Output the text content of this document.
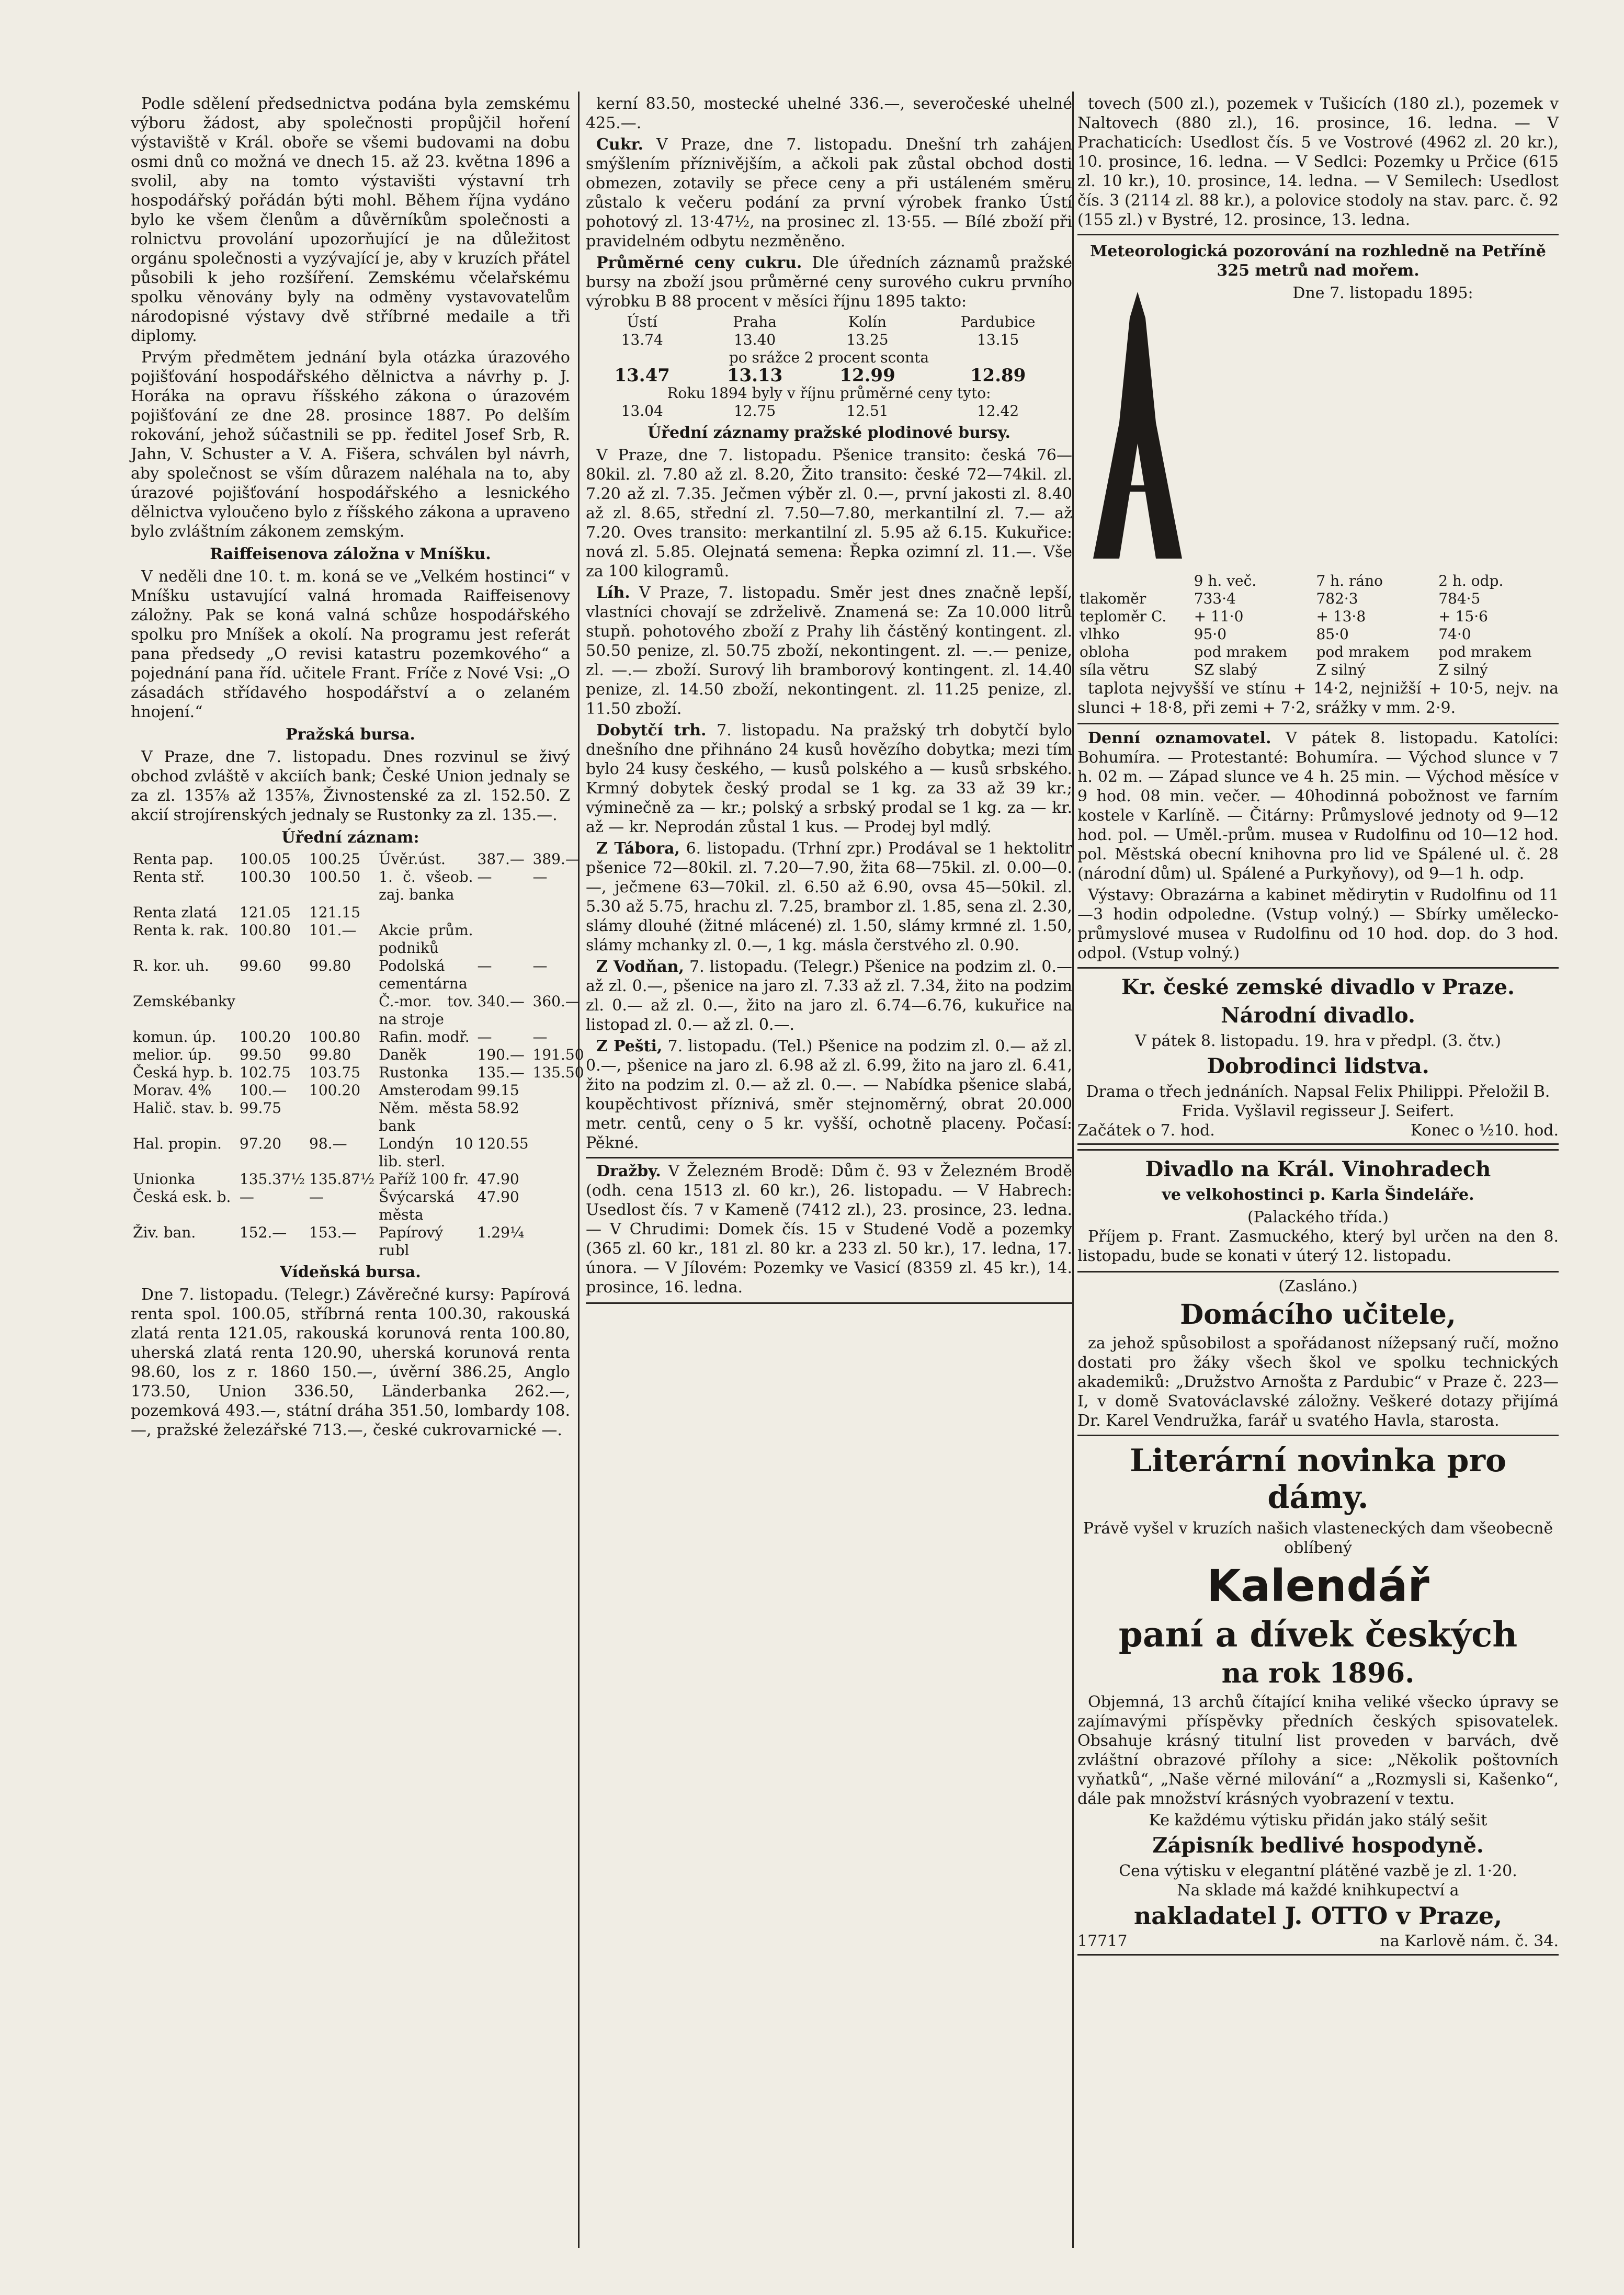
Podle sdělení předsednictva podána byla zemskému výboru žádost, aby společnosti propůjčil hoření výstaviště v Král. oboře se všemi budovami na dobu osmi dnů co možná ve dnech 15. až 23. května 1896 a svolil, aby na tomto výstavišti výstavní trh hospodářský pořádán býti mohl. Během října vydáno bylo ke všem členům a důvěrníkům společnosti a rolnictvu provolání upozorňující je na důležitost orgánu společnosti a vyzývající je, aby v kruzích přátel působili k jeho rozšíření. Zemskému včelařskému spolku věnovány byly na odměny vystavovatelům národopisné výstavy dvě stříbrné medaile a tři diplomy.

Prvým předmětem jednání byla otázka úrazového pojišťování hospodářského dělnictva a návrhy p. J. Horáka na opravu říšského zákona o úrazovém pojišťování ze dne 28. prosince 1887. Po delším rokování, jehož súčastnili se pp. ředitel Josef Srb, R. Jahn, V. Schuster a V. A. Fišera, schválen byl návrh, aby společnost se vším důrazem naléhala na to, aby úrazové pojišťování hospodářského a lesnického dělnictva vyloučeno bylo z říšského zákona a upraveno bylo zvláštním zákonem zemským.

Raiffeisenova záložna v Mníšku.

V neděli dne 10. t. m. koná se ve „Velkém hostinci“ v Mníšku ustavující valná hromada Raiffeisenovy záložny. Pak se koná valná schůze hospodářského spolku pro Mníšek a okolí. Na programu jest referát pana předsedy „O revisi katastru pozemkového“ a pojednání pana říd. učitele Frant. Fríče z Nové Vsi: „O zásadách střídavého hospodářství a o zelaném hnojení.“

Pražská bursa.

V Praze, dne 7. listopadu. Dnes rozvinul se živý obchod zvláště v akciích bank; České Union jednaly se za zl. 135⅞ až 135⅞, Živnostenské za zl. 152.50. Z akcií strojírenských jednaly se Rustonky za zl. 135.—.

Úřední záznam:
Renta pap.	100.05	100.25	Úvěr.úst.	387.—	389.—
Renta stř.	100.30	100.50	1. č. všeob. zaj. banka	—	—
Renta zlatá	121.05	121.15			
Renta k. rak.	100.80	101.—	Akcie prům. podniků		
R. kor. uh.	99.60	99.80	Podolská cementárna	—	—
Zemskébanky			Č.-mor. tov. na stroje	340.—	360.—
komun. úp.	100.20	100.80	Rafin. modř.	—	—
melior. úp.	99.50	99.80	Daněk	190.—	191.50
Česká hyp. b.	102.75	103.75	Rustonka	135.—	135.50
Morav. 4%	100.—	100.20	Amsterodam	99.15	
Halič. stav. b.	99.75		Něm. města bank	58.92	
Hal. propin.	97.20	98.—	Londýn 10 lib. sterl.	120.55	
Unionka	135.37½	135.87½	Paříž 100 fr.	47.90	
Česká esk. b.	—	—	Švýcarská města	47.90	
Živ. ban.	152.—	153.—	Papírový rubl	1.29¼	
Vídeňská bursa.

Dne 7. listopadu. (Telegr.) Závěrečné kursy: Papírová renta spol. 100.05, stříbrná renta 100.30, rakouská zlatá renta 121.05, rakouská korunová renta 100.80, uherská zlatá renta 120.90, uherská korunová renta 98.60, los z r. 1860 150.—, úvěrní 386.25, Anglo 173.50, Union 336.50, Länderbanka 262.—, pozemková 493.—, státní dráha 351.50, lombardy 108.—, pražské železářské 713.—, české cukrovarnické —.

kerní 83.50, mostecké uhelné 336.—, severočeské uhelné 425.—.

Cukr. V Praze, dne 7. listopadu. Dnešní trh zahájen smýšlením příznivějším, a ačkoli pak zůstal obchod dosti obmezen, zotavily se přece ceny a při ustáleném směru zůstalo k večeru podání za první výrobek franko Ústí pohotový zl. 13·47½, na prosinec zl. 13·55. — Bílé zboží při pravidelném odbytu nezměněno.

Průměrné ceny cukru. Dle úředních záznamů pražské bursy na zboží jsou průměrné ceny surového cukru prvního výrobku B 88 procent v měsíci říjnu 1895 takto:

Ústí	Praha	Kolín	Pardubice
13.74	13.40	13.25	13.15
po srážce 2 procent sconta			
13.47	13.13	12.99	12.89
Roku 1894 byly v říjnu průměrné ceny tyto:			
13.04	12.75	12.51	12.42
Úřední záznamy pražské plodinové bursy.

V Praze, dne 7. listopadu. Pšenice transito: česká 76—80kil. zl. 7.80 až zl. 8.20, Žito transito: české 72—74kil. zl. 7.20 až zl. 7.35. Ječmen výběr zl. 0.—, první jakosti zl. 8.40 až zl. 8.65, střední zl. 7.50—7.80, merkantilní zl. 7.— až 7.20. Oves transito: merkantilní zl. 5.95 až 6.15. Kukuřice: nová zl. 5.85. Olejnatá semena: Řepka ozimní zl. 11.—. Vše za 100 kilogramů.

Líh. V Praze, 7. listopadu. Směr jest dnes značně lepší, vlastníci chovají se zdrželivě. Znamená se: Za 10.000 litrů stupň. pohotového zboží z Prahy lih částěný kontingent. zl. 50.50 penize, zl. 50.75 zboží, nekontingent. zl. —.— penize, zl. —.— zboží. Surový lih bramborový kontingent. zl. 14.40 penize, zl. 14.50 zboží, nekontingent. zl. 11.25 penize, zl. 11.50 zboží.

Dobytčí trh. 7. listopadu. Na pražský trh dobytčí bylo dnešního dne přihnáno 24 kusů hovězího dobytka; mezi tím bylo 24 kusy českého, — kusů polského a — kusů srbského. Krmný dobytek český prodal se 1 kg. za 33 až 39 kr.; výminečně za — kr.; polský a srbský prodal se 1 kg. za — kr. až — kr. Neprodán zůstal 1 kus. — Prodej byl mdlý.

Z Tábora, 6. listopadu. (Trhní zpr.) Prodával se 1 hektolitr pšenice 72—80kil. zl. 7.20—7.90, žita 68—75kil. zl. 0.00—0.—, ječmene 63—70kil. zl. 6.50 až 6.90, ovsa 45—50kil. zl. 5.30 až 5.75, hrachu zl. 7.25, brambor zl. 1.85, sena zl. 2.30, slámy dlouhé (žitné mlácené) zl. 1.50, slámy krmné zl. 1.50, slámy mchanky zl. 0.—, 1 kg. másla čerstvého zl. 0.90.

Z Vodňan, 7. listopadu. (Telegr.) Pšenice na podzim zl. 0.— až zl. 0.—, pšenice na jaro zl. 7.33 až zl. 7.34, žito na podzim zl. 0.— až zl. 0.—, žito na jaro zl. 6.74—6.76, kukuřice na listopad zl. 0.— až zl. 0.—.

Z Pešti, 7. listopadu. (Tel.) Pšenice na podzim zl. 0.— až zl. 0.—, pšenice na jaro zl. 6.98 až zl. 6.99, žito na jaro zl. 6.41, žito na podzim zl. 0.— až zl. 0.—. — Nabídka pšenice slabá, koupěchtivost příznivá, směr stejnoměrný, obrat 20.000 metr. centů, ceny o 5 kr. vyšší, ochotně placeny. Počasí: Pěkné.

Dražby. V Železném Brodě: Dům č. 93 v Železném Brodě (odh. cena 1513 zl. 60 kr.), 26. listopadu. — V Habrech: Usedlost čís. 7 v Kameně (7412 zl.), 23. prosince, 23. ledna. — V Chrudimi: Domek čís. 15 v Studené Vodě a pozemky (365 zl. 60 kr., 181 zl. 80 kr. a 233 zl. 50 kr.), 17. ledna, 17. února. — V Jílovém: Pozemky ve Vasicí (8359 zl. 45 kr.), 14. prosince, 16. ledna.

tovech (500 zl.), pozemek v Tušicích (180 zl.), pozemek v Naltovech (880 zl.), 16. prosince, 16. ledna. — V Prachaticích: Usedlost čís. 5 ve Vostrové (4962 zl. 20 kr.), 10. prosince, 16. ledna. — V Sedlci: Pozemky u Prčice (615 zl. 10 kr.), 10. prosince, 14. ledna. — V Semilech: Usedlost čís. 3 (2114 zl. 88 kr.), a polovice stodoly na stav. parc. č. 92 (155 zl.) v Bystré, 12. prosince, 13. ledna.

Meteorologická pozorování na rozhledně na Petříně 325 metrů nad mořem.
Dne 7. listopadu 1895:
	9 h. več.	7 h. ráno	2 h. odp.
tlakoměr	733·4	782·3	784·5
teploměr C.	+ 11·0	+ 13·8	+ 15·6
vlhko	95·0	85·0	74·0
obloha	pod mrakem	pod mrakem	pod mrakem
síla větru	SZ slabý	Z silný	Z silný

taplota nejvyšší ve stínu + 14·2, nejnižší + 10·5, nejv. na slunci + 18·8, při zemi + 7·2, srážky v mm. 2·9.

Denní oznamovatel. V pátek 8. listopadu. Katolíci: Bohumíra. — Protestanté: Bohumíra. — Východ slunce v 7 h. 02 m. — Západ slunce ve 4 h. 25 min. — Východ měsíce v 9 hod. 08 min. večer. — 40hodinná pobožnost ve farním kostele v Karlíně. — Čitárny: Průmyslové jednoty od 9—12 hod. pol. — Uměl.-prům. musea v Rudolfinu od 10—12 hod. pol. Městská obecní knihovna pro lid ve Spálené ul. č. 28 (národní dům) ul. Spálené a Purkyňovy), od 9—1 h. odp.

Výstavy: Obrazárna a kabinet mědirytin v Rudolfinu od 11—3 hodin odpoledne. (Vstup volný.) — Sbírky umělecko-průmyslové musea v Rudolfinu od 10 hod. dop. do 3 hod. odpol. (Vstup volný.)

Kr. české zemské divadlo v Praze.
Národní divadlo.
V pátek 8. listopadu. 19. hra v předpl. (3. čtv.)
Dobrodinci lidstva.
Drama o třech jednáních. Napsal Felix Philippi. Přeložil B. Frida. Vyšlavil regisseur J. Seifert.
Začátek o 7. hod.	Konec o ½10. hod.
Divadlo na Král. Vinohradech
ve velkohostinci p. Karla Šindeláře.
(Palackého třída.)

Příjem p. Frant. Zasmuckého, který byl určen na den 8. listopadu, bude se konati v úterý 12. listopadu.

(Zasláno.)
Domácího učitele,

za jehož spůsobilost a spořádanost nížepsaný ručí, možno dostati pro žáky všech škol ve spolku technických akademiků: „Družstvo Arnošta z Pardubic“ v Praze č. 223—I, v domě Svatováclavské záložny. Veškeré dotazy přijímá Dr. Karel Vendružka, farář u svatého Havla, starosta.

Literární novinka pro dámy.
Právě vyšel v kruzích našich vlasteneckých dam všeobecně oblíbený
Kalendář
paní a dívek českých
na rok 1896.

Objemná, 13 archů čítající kniha veliké všecko úpravy se zajímavými příspěvky předních českých spisovatelek. Obsahuje krásný titulní list proveden v barvách, dvě zvláštní obrazové přílohy a sice: „Několik poštovních vyňatků“, „Naše věrné milování“ a „Rozmysli si, Kašenko“, dále pak množství krásných vyobrazení v textu.

Ke každému výtisku přidán jako stálý sešit
Zápisník bedlivé hospodyně.
Cena výtisku v elegantní plátěné vazbě je zl. 1·20.
Na sklade má každé knihkupectví a
nakladatel J. OTTO v Praze,
17717	na Karlově nám. č. 34.
